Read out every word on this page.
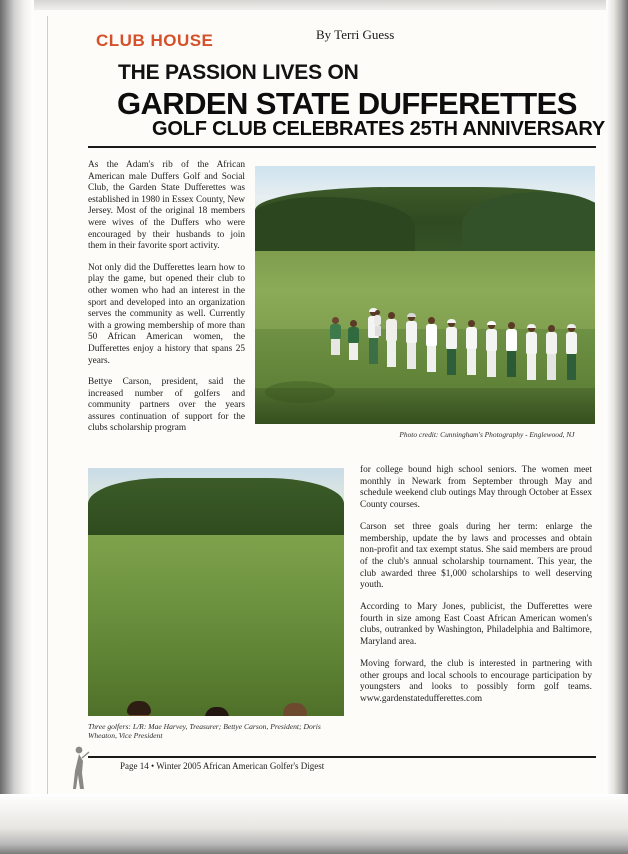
CLUB HOUSE	By Terri Guess
THE PASSION LIVES ON
GARDEN STATE DUFFERETTES
GOLF CLUB CELEBRATES 25TH ANNIVERSARY

As the Adam's rib of the African American male Duffers Golf and Social Club, the Garden State Dufferettes was established in 1980 in Essex County, New Jersey. Most of the original 18 members were wives of the Duffers who were encouraged by their husbands to join them in their favorite sport activity.

Not only did the Dufferettes learn how to play the game, but opened their club to other women who had an interest in the sport and developed into an organization serves the community as well. Currently with a growing membership of more than 50 African American women, the Dufferettes enjoy a history that spans 25 years.

Bettye Carson, president, said the increased number of golfers and community partners over the years assures continuation of support for the clubs scholarship program

Photo credit: Cunningham's Photography - Englewood, NJ

for college bound high school seniors. The women meet monthly in Newark from September through May and schedule weekend club outings May through October at Essex County courses.

Carson set three goals during her term: enlarge the membership, update the by laws and processes and obtain non-profit and tax exempt status. She said members are proud of the club's annual scholarship tournament. This year, the club awarded three $1,000 scholarships to well deserving youth.

According to Mary Jones, publicist, the Dufferettes were fourth in size among East Coast African American women's clubs, outranked by Washington, Philadelphia and Baltimore, Maryland area.

Moving forward, the club is interested in partnering with other groups and local schools to encourage participation by youngsters and looks to possibly form golf teams. www.gardenstatedufferettes.com

Three golfers: L/R: Mae Harvey, Treasurer; Bettye Carson, President; Doris Wheaton, Vice President
Page 14 • Winter 2005 African American Golfer's Digest
